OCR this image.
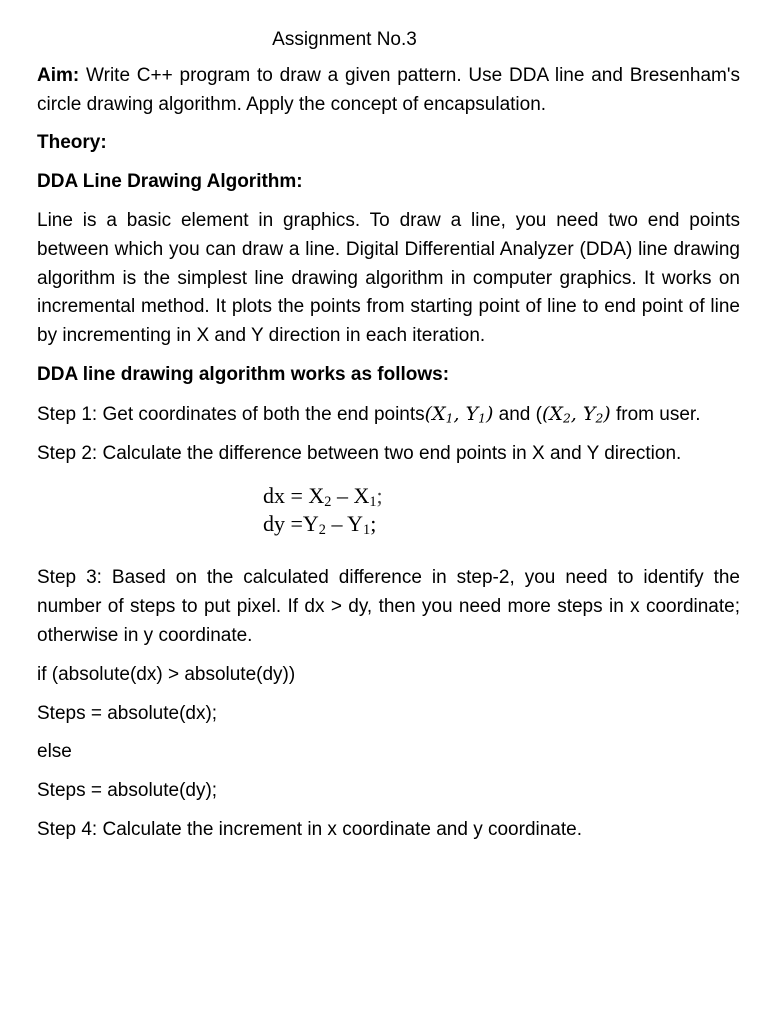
Assignment No.3

Aim: Write C++ program to draw a given pattern. Use DDA line and Bresenham's circle drawing algorithm. Apply the concept of encapsulation.

Theory:

DDA Line Drawing Algorithm:

Line is a basic element in graphics. To draw a line, you need two end points between which you can draw a line. Digital Differential Analyzer (DDA) line drawing algorithm is the simplest line drawing algorithm in computer graphics. It works on incremental method. It plots the points from starting point of line to end point of line by incrementing in X and Y direction in each iteration.

DDA line drawing algorithm works as follows:

Step 1: Get coordinates of both the end $points(X_1$, $Y_1$) and (($X_2$, $Y_2$) from user.

Step 2: Calculate the difference between two end points in X and Y direction.

dx = $X_2 - X_1$;
dy $=Y_2 - Y_1$;

Step 3: Based on the calculated difference in step-2, you need to identify the number of steps to put pixel. If dx > dy, then you need more steps in x coordinate; otherwise in y coordinate.

if (absolute(dx) > absolute(dy))

Steps = absolute(dx);

else

Steps = absolute(dy);

Step 4: Calculate the increment in x coordinate and y coordinate.
